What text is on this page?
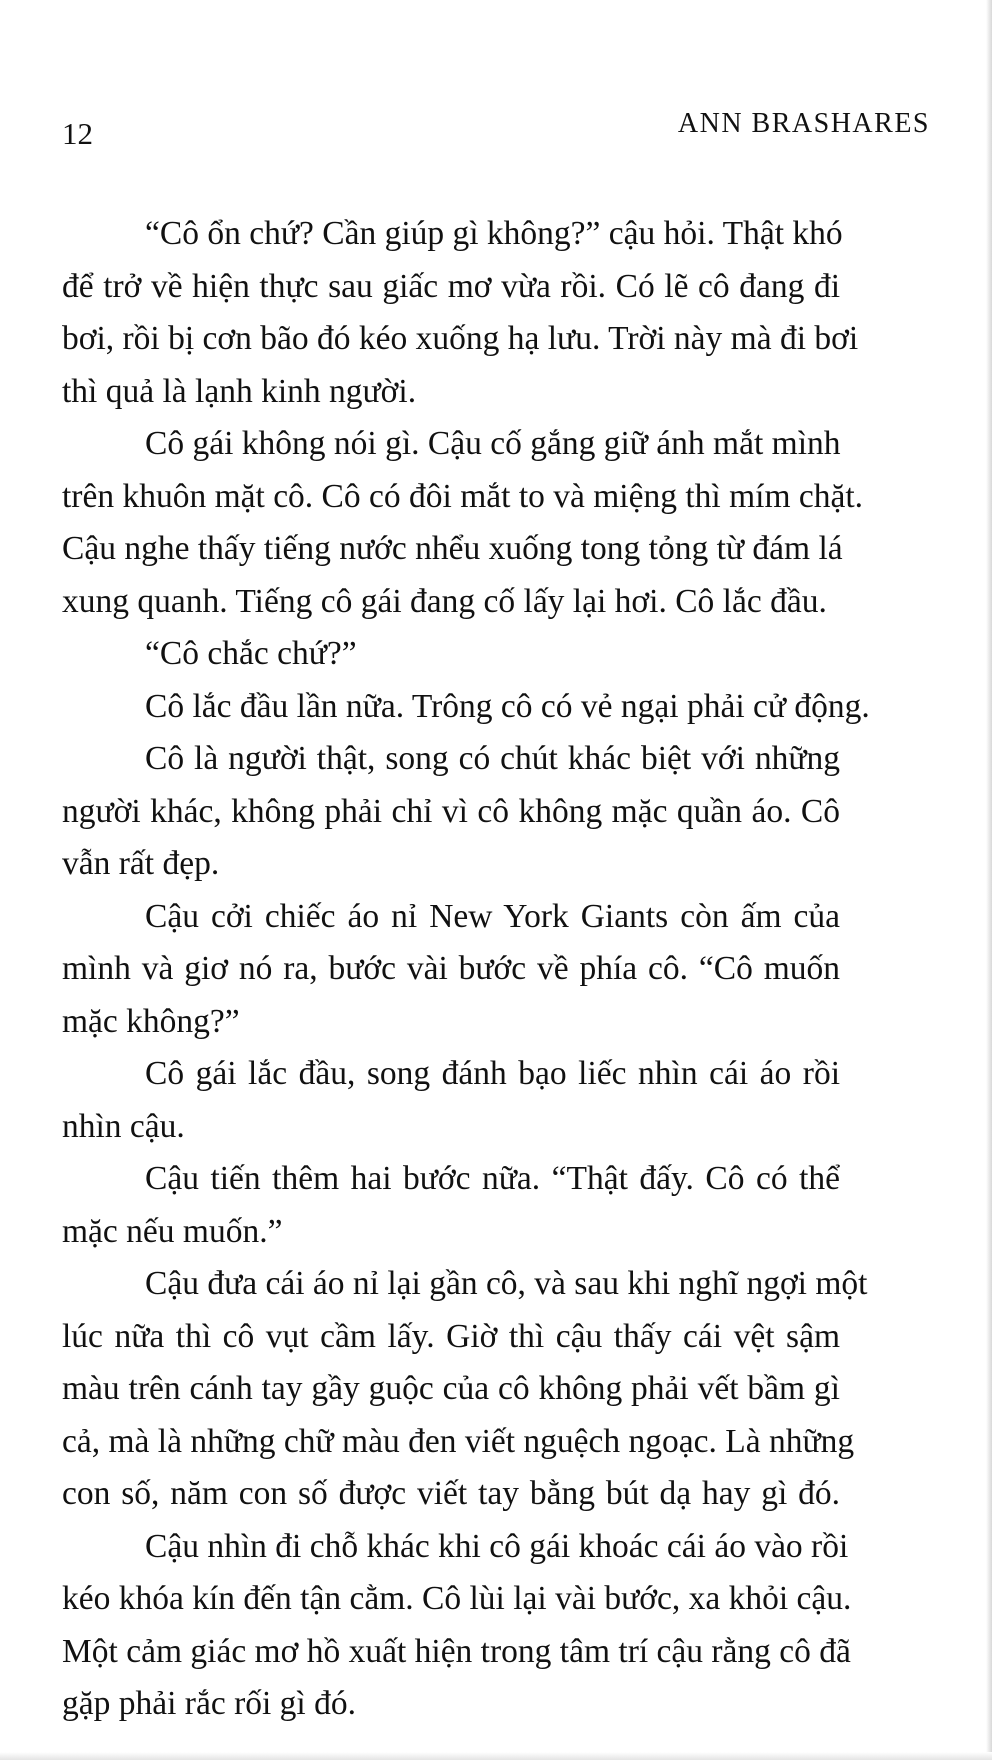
12	ANN BRASHARES
“Cô ổn chứ? Cần giúp gì không?” cậu hỏi. Thật khó
để trở về hiện thực sau giấc mơ vừa rồi. Có lẽ cô đang đi
bơi, rồi bị cơn bão đó kéo xuống hạ lưu. Trời này mà đi bơi
thì quả là lạnh kinh người.
Cô gái không nói gì. Cậu cố gắng giữ ánh mắt mình
trên khuôn mặt cô. Cô có đôi mắt to và miệng thì mím chặt.
Cậu nghe thấy tiếng nước nhểu xuống tong tỏng từ đám lá
xung quanh. Tiếng cô gái đang cố lấy lại hơi. Cô lắc đầu.
“Cô chắc chứ?”
Cô lắc đầu lần nữa. Trông cô có vẻ ngại phải cử động.
Cô là người thật, song có chút khác biệt với những
người khác, không phải chỉ vì cô không mặc quần áo. Cô
vẫn rất đẹp.
Cậu cởi chiếc áo nỉ New York Giants còn ấm của
mình và giơ nó ra, bước vài bước về phía cô. “Cô muốn
mặc không?”
Cô gái lắc đầu, song đánh bạo liếc nhìn cái áo rồi
nhìn cậu.
Cậu tiến thêm hai bước nữa. “Thật đấy. Cô có thể
mặc nếu muốn.”
Cậu đưa cái áo nỉ lại gần cô, và sau khi nghĩ ngợi một
lúc nữa thì cô vụt cầm lấy. Giờ thì cậu thấy cái vệt sậm
màu trên cánh tay gầy guộc của cô không phải vết bầm gì
cả, mà là những chữ màu đen viết nguệch ngoạc. Là những
con số, năm con số được viết tay bằng bút dạ hay gì đó.
Cậu nhìn đi chỗ khác khi cô gái khoác cái áo vào rồi
kéo khóa kín đến tận cằm. Cô lùi lại vài bước, xa khỏi cậu.
Một cảm giác mơ hồ xuất hiện trong tâm trí cậu rằng cô đã
gặp phải rắc rối gì đó.
